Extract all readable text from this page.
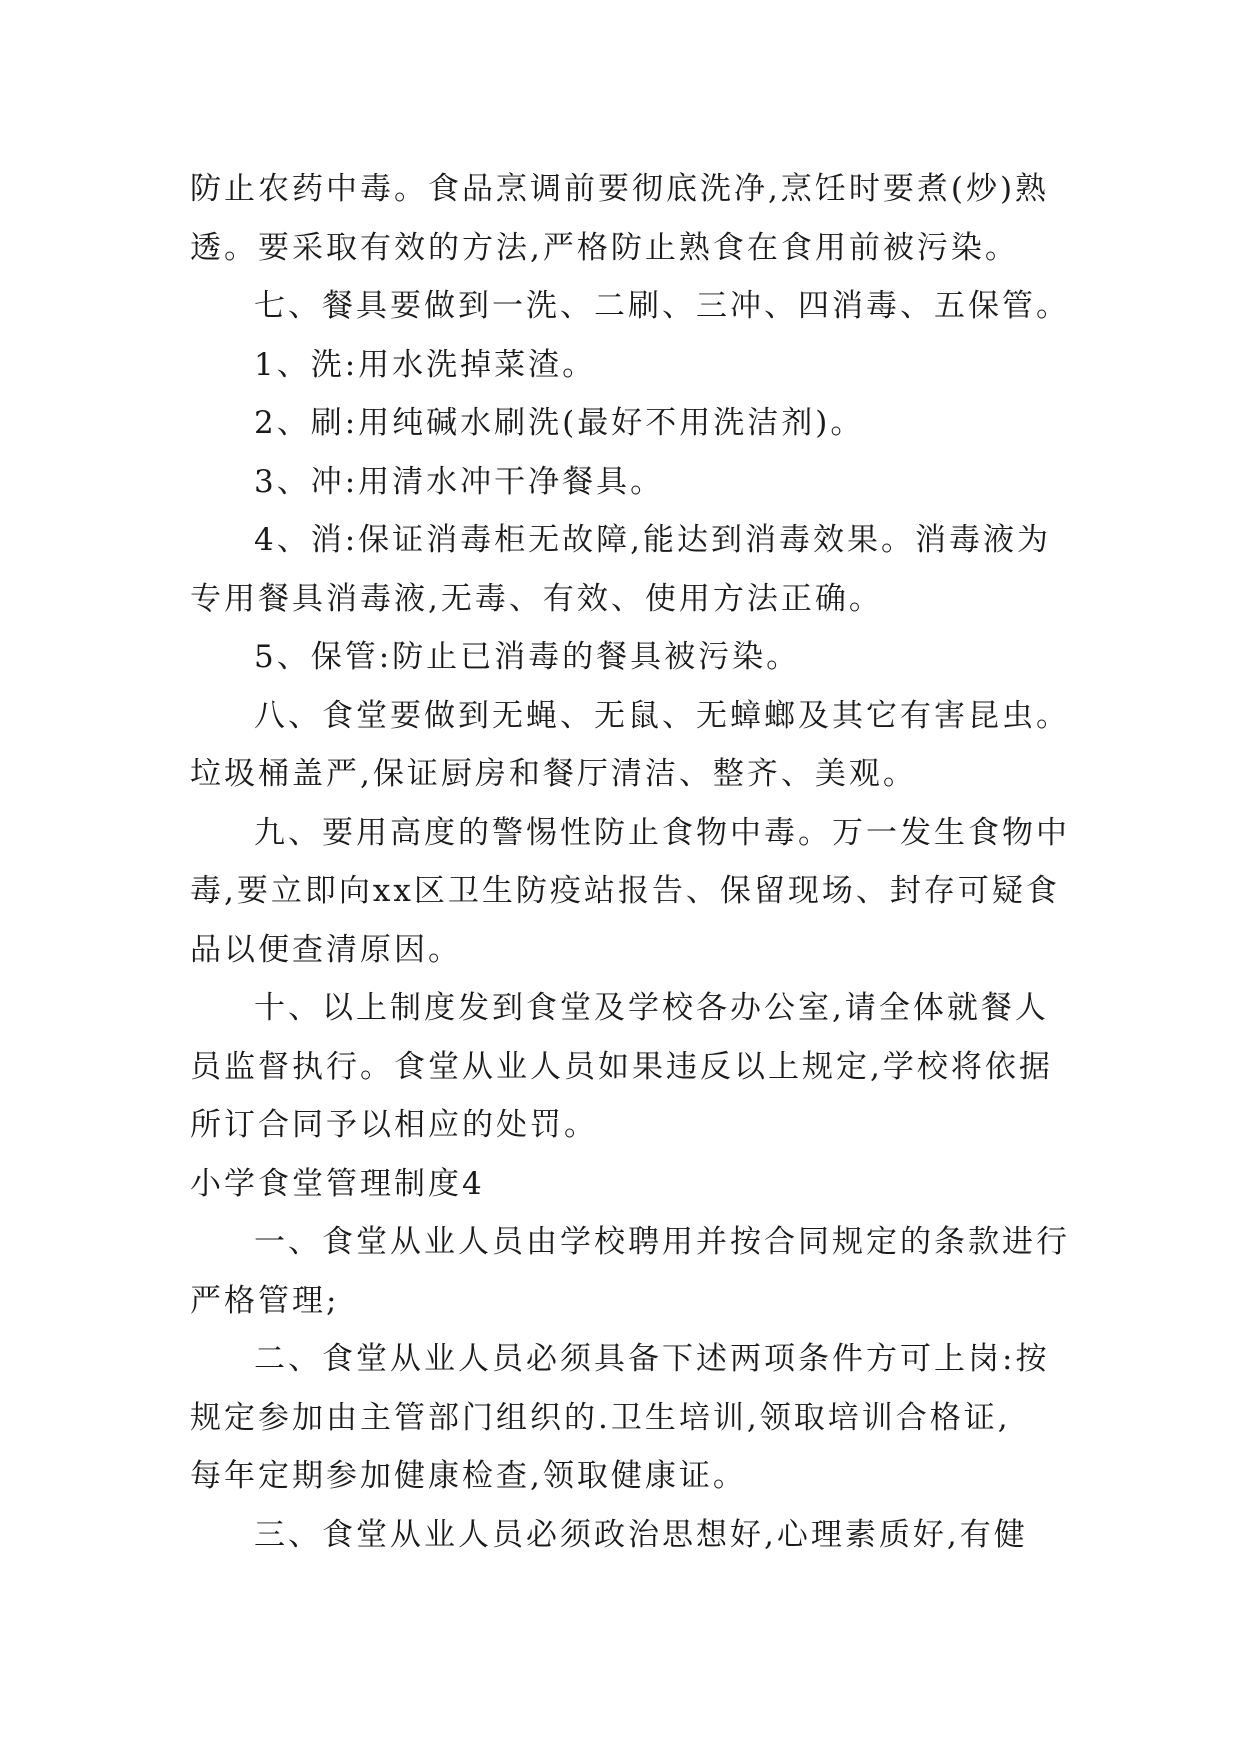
防止农药中毒。食品烹调前要彻底洗净,烹饪时要煮(炒)熟

透。要采取有效的方法,严格防止熟食在食用前被污染。

七、餐具要做到一洗、二刷、三冲、四消毒、五保管。

1、洗:用水洗掉菜渣。

2、刷:用纯碱水刷洗(最好不用洗洁剂)。

3、冲:用清水冲干净餐具。

4、消:保证消毒柜无故障,能达到消毒效果。消毒液为

专用餐具消毒液,无毒、有效、使用方法正确。

5、保管:防止已消毒的餐具被污染。

八、食堂要做到无蝇、无鼠、无蟑螂及其它有害昆虫。

垃圾桶盖严,保证厨房和餐厅清洁、整齐、美观。

九、要用高度的警惕性防止食物中毒。万一发生食物中

毒,要立即向xx区卫生防疫站报告、保留现场、封存可疑食

品以便查清原因。

十、以上制度发到食堂及学校各办公室,请全体就餐人

员监督执行。食堂从业人员如果违反以上规定,学校将依据

所订合同予以相应的处罚。

小学食堂管理制度4

一、食堂从业人员由学校聘用并按合同规定的条款进行

严格管理;

二、食堂从业人员必须具备下述两项条件方可上岗:按

规定参加由主管部门组织的.卫生培训,领取培训合格证,

每年定期参加健康检查,领取健康证。

三、食堂从业人员必须政治思想好,心理素质好,有健
